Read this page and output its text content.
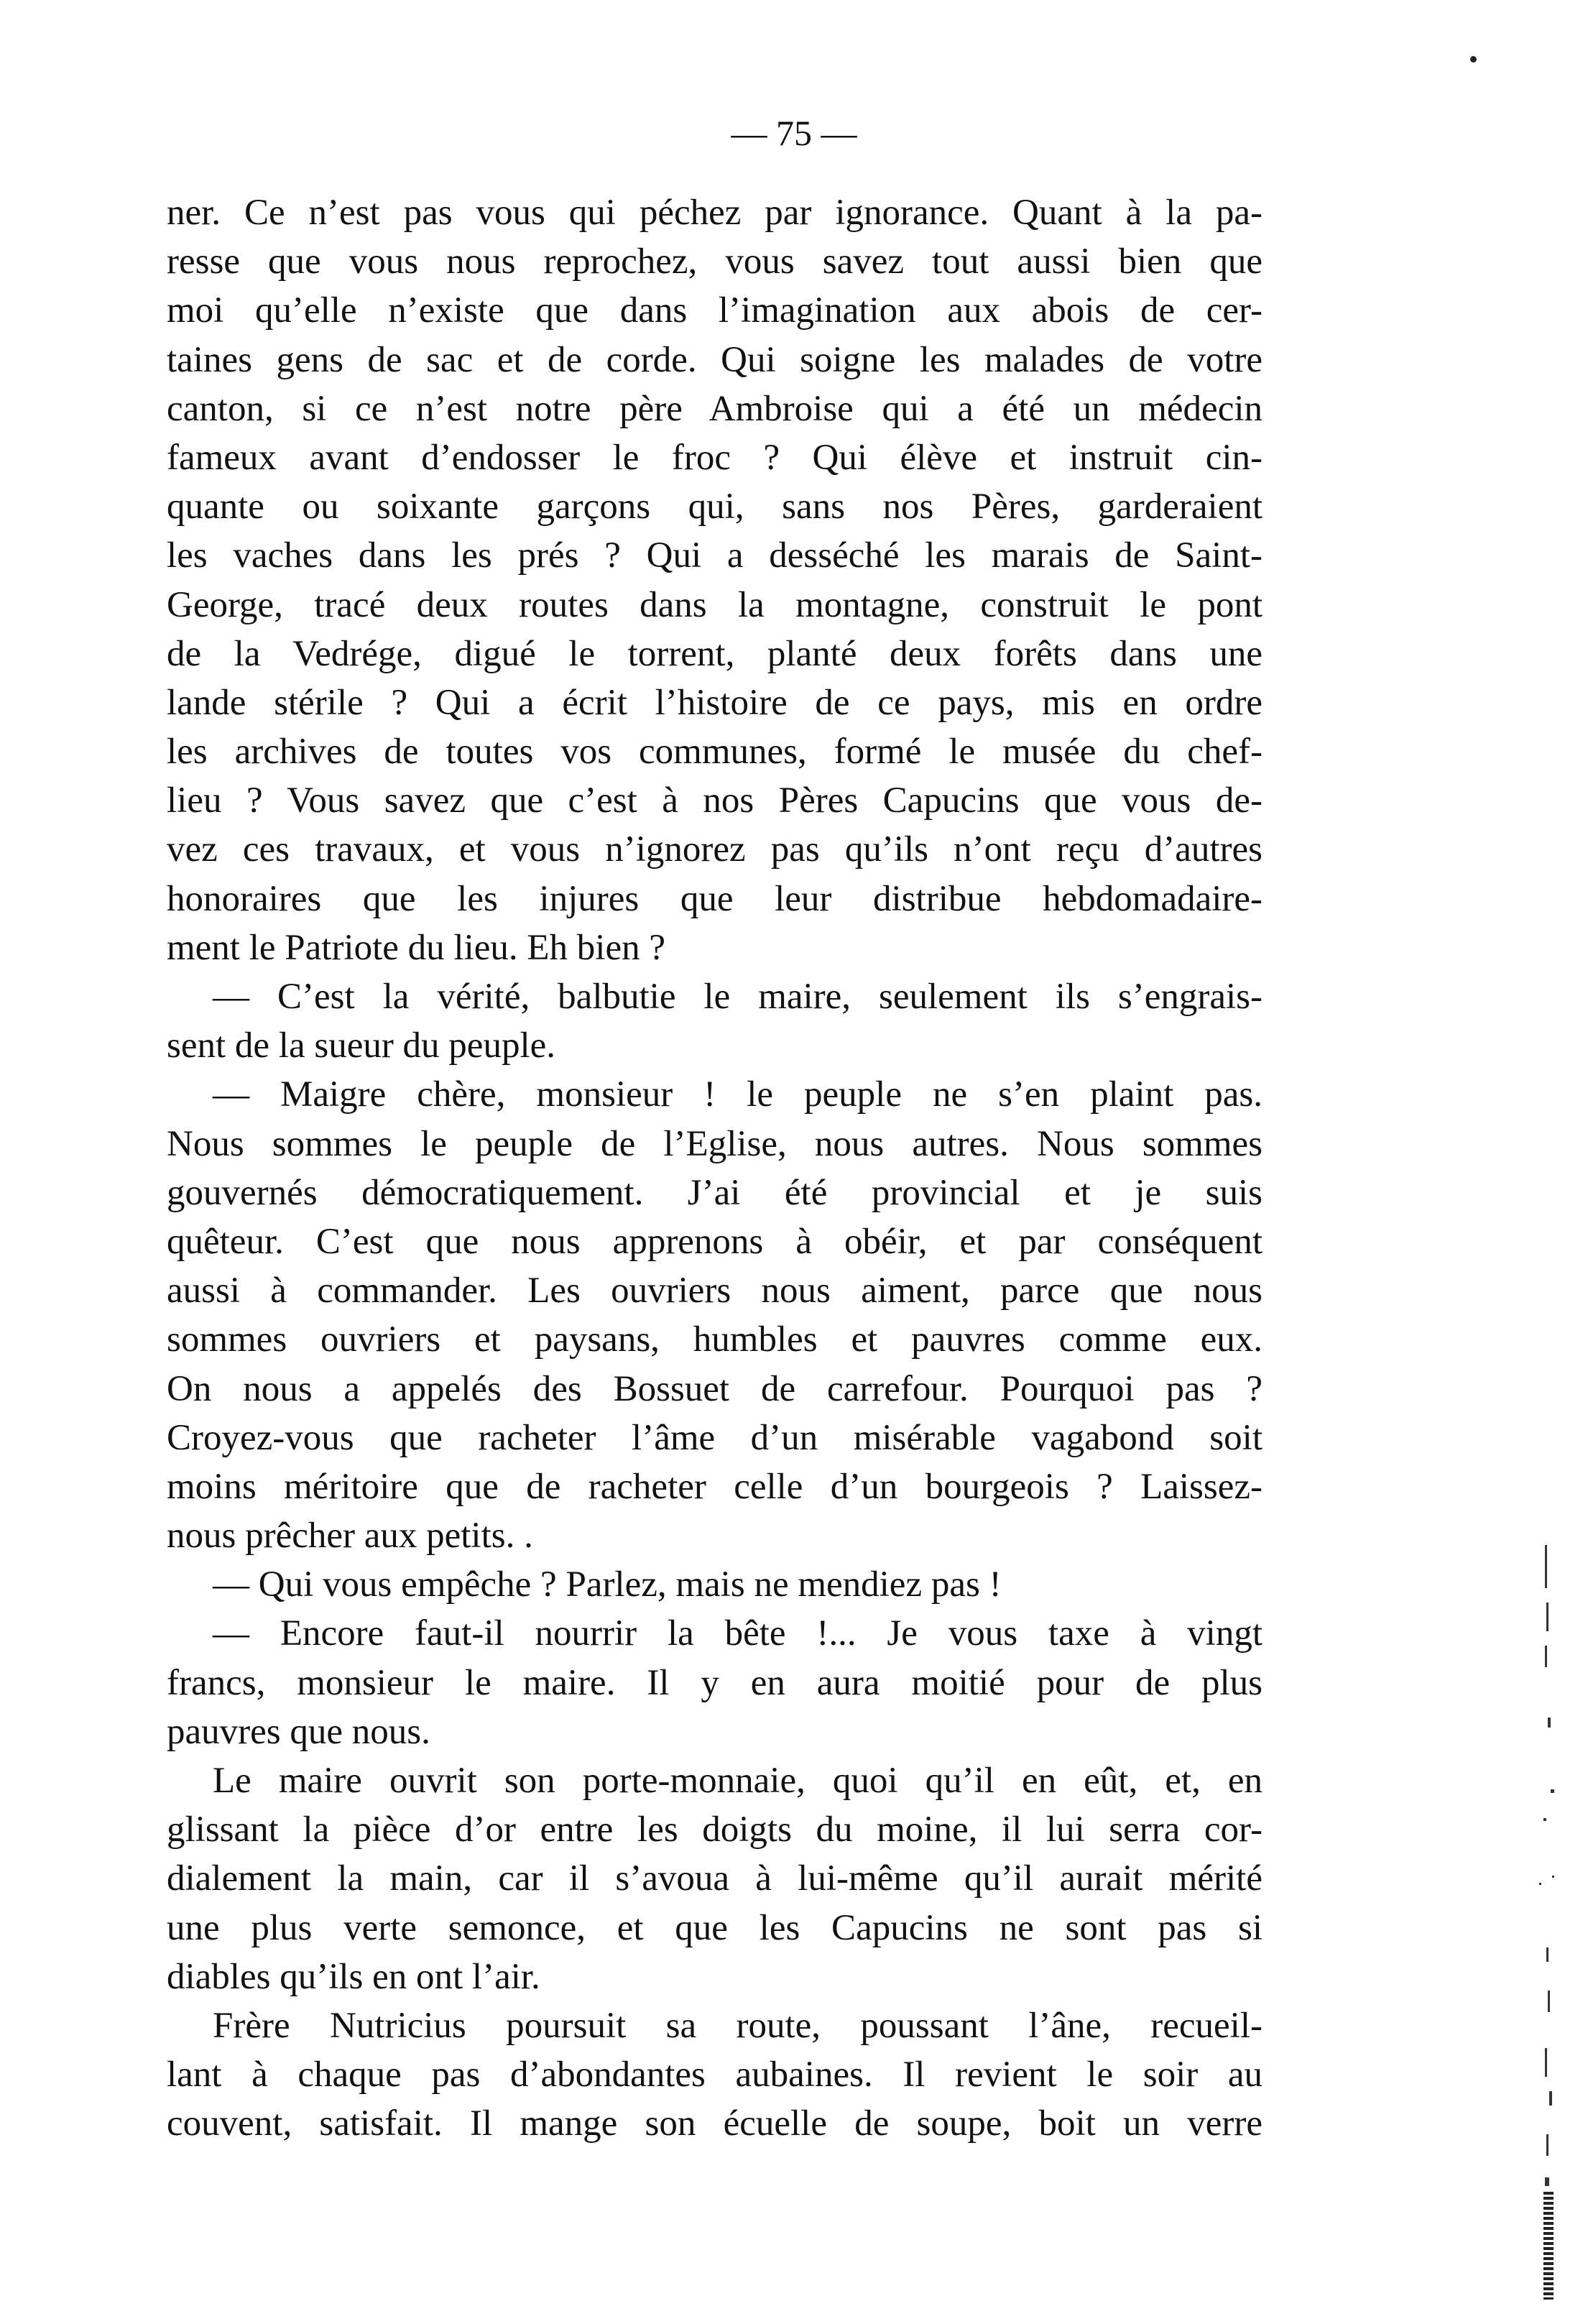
— 75 —
ner. Ce n’est pas vous qui péchez par ignorance. Quant à la pa-
resse que vous nous reprochez, vous savez tout aussi bien que
moi qu’elle n’existe que dans l’imagination aux abois de cer-
taines gens de sac et de corde. Qui soigne les malades de votre
canton, si ce n’est notre père Ambroise qui a été un médecin
fameux avant d’endosser le froc ? Qui élève et instruit cin-
quante ou soixante garçons qui, sans nos Pères, garderaient
les vaches dans les prés ? Qui a desséché les marais de Saint-
George, tracé deux routes dans la montagne, construit le pont
de la Vedrége, digué le torrent, planté deux forêts dans une
lande stérile ? Qui a écrit l’histoire de ce pays, mis en ordre
les archives de toutes vos communes, formé le musée du chef-
lieu ? Vous savez que c’est à nos Pères Capucins que vous de-
vez ces travaux, et vous n’ignorez pas qu’ils n’ont reçu d’autres
honoraires que les injures que leur distribue hebdomadaire-
ment le Patriote du lieu. Eh bien ?
— C’est la vérité, balbutie le maire, seulement ils s’engrais-
sent de la sueur du peuple.
— Maigre chère, monsieur ! le peuple ne s’en plaint pas.
Nous sommes le peuple de l’Eglise, nous autres. Nous sommes
gouvernés démocratiquement. J’ai été provincial et je suis
quêteur. C’est que nous apprenons à obéir, et par conséquent
aussi à commander. Les ouvriers nous aiment, parce que nous
sommes ouvriers et paysans, humbles et pauvres comme eux.
On nous a appelés des Bossuet de carrefour. Pourquoi pas ?
Croyez-vous que racheter l’âme d’un misérable vagabond soit
moins méritoire que de racheter celle d’un bourgeois ? Laissez-
nous prêcher aux petits. .
— Qui vous empêche ? Parlez, mais ne mendiez pas !
— Encore faut-il nourrir la bête !... Je vous taxe à vingt
francs, monsieur le maire. Il y en aura moitié pour de plus
pauvres que nous.
Le maire ouvrit son porte-monnaie, quoi qu’il en eût, et, en
glissant la pièce d’or entre les doigts du moine, il lui serra cor-
dialement la main, car il s’avoua à lui-même qu’il aurait mérité
une plus verte semonce, et que les Capucins ne sont pas si
diables qu’ils en ont l’air.
Frère Nutricius poursuit sa route, poussant l’âne, recueil-
lant à chaque pas d’abondantes aubaines. Il revient le soir au
couvent, satisfait. Il mange son écuelle de soupe, boit un verre
